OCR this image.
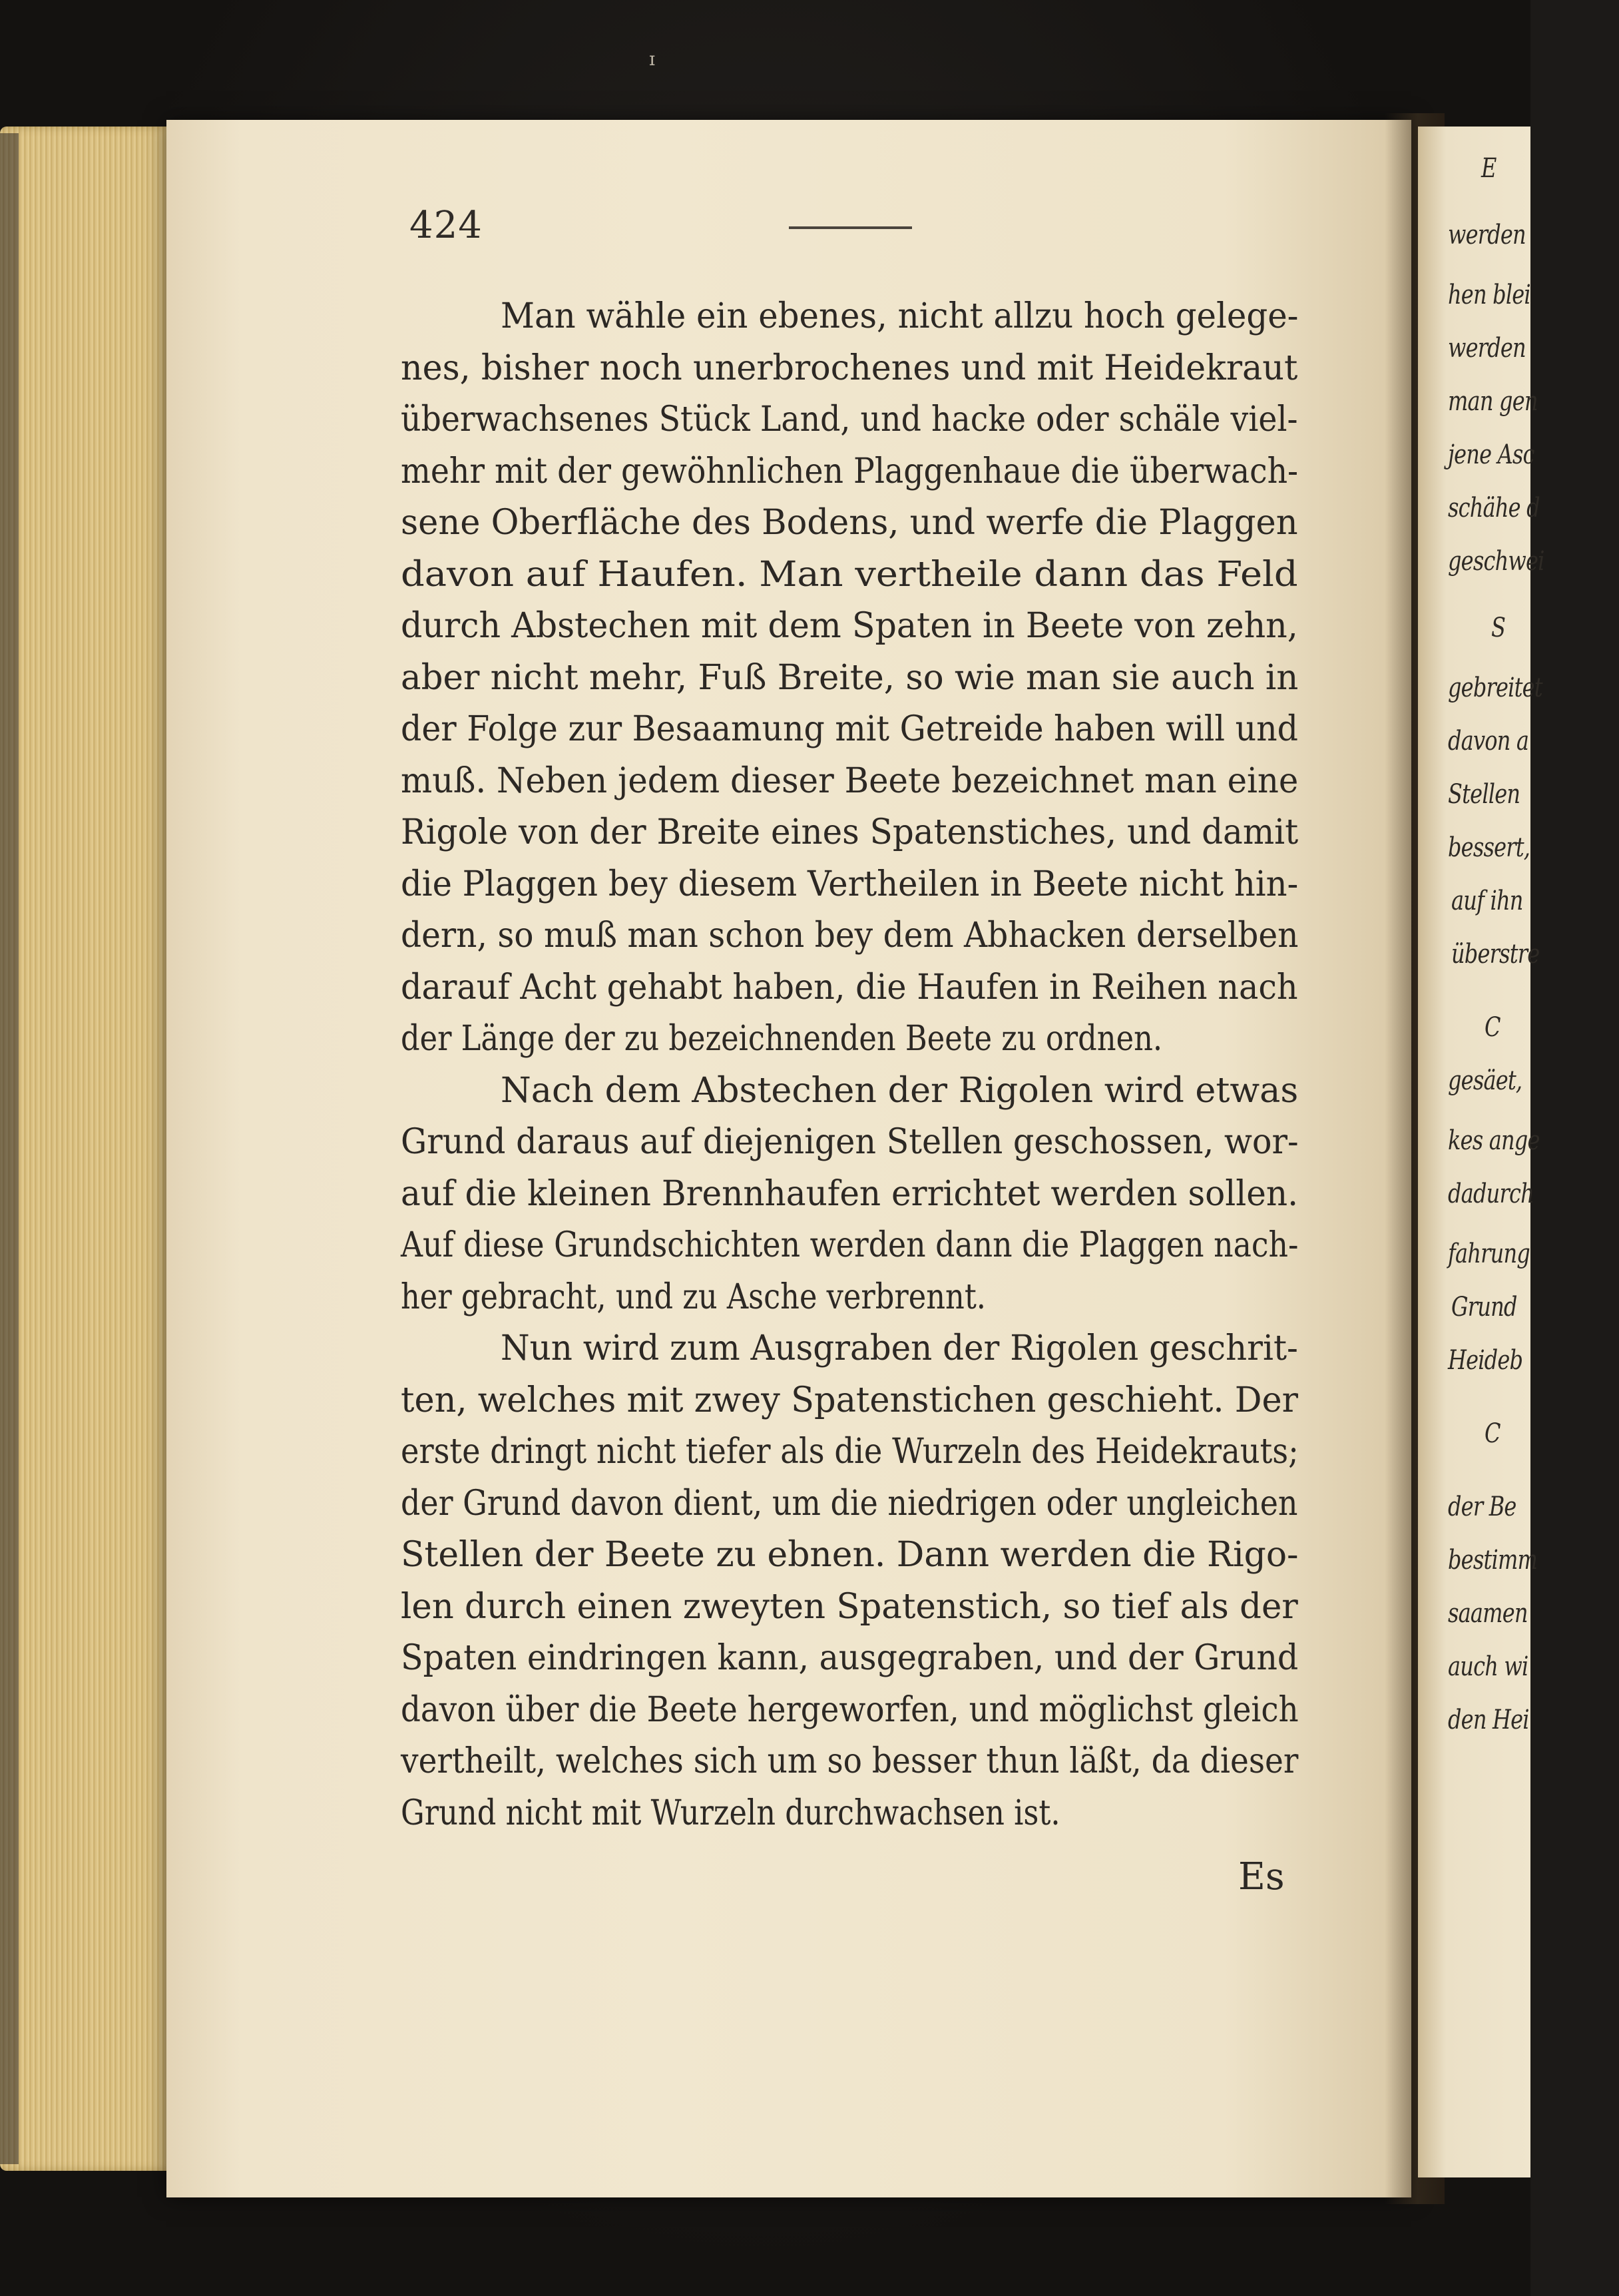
ɪ
E
werden
hen blei
werden
man gen
jene Asc
schähe d
geschwei
S
gebreitet
davon a
Stellen
bessert,
auf ihn
überstre
C
gesäet,
kes ange
dadurch
fahrung
Grund
Heideb
C
der Be
bestimm
saamen
auch wi
den Hei
424
Man wähle ein ebenes, nicht allzu hoch gelege-
nes, bisher noch unerbrochenes und mit Heidekraut
überwachsenes Stück Land, und hacke oder schäle viel-
mehr mit der gewöhnlichen Plaggenhaue die überwach-
sene Oberfläche des Bodens, und werfe die Plaggen
davon auf Haufen. Man vertheile dann das Feld
durch Abstechen mit dem Spaten in Beete von zehn,
aber nicht mehr, Fuß Breite, so wie man sie auch in
der Folge zur Besaamung mit Getreide haben will und
muß. Neben jedem dieser Beete bezeichnet man eine
Rigole von der Breite eines Spatenstiches, und damit
die Plaggen bey diesem Vertheilen in Beete nicht hin-
dern, so muß man schon bey dem Abhacken derselben
darauf Acht gehabt haben, die Haufen in Reihen nach
der Länge der zu bezeichnenden Beete zu ordnen.
Nach dem Abstechen der Rigolen wird etwas
Grund daraus auf diejenigen Stellen geschossen, wor-
auf die kleinen Brennhaufen errichtet werden sollen.
Auf diese Grundschichten werden dann die Plaggen nach-
her gebracht, und zu Asche verbrennt.
Nun wird zum Ausgraben der Rigolen geschrit-
ten, welches mit zwey Spatenstichen geschieht. Der
erste dringt nicht tiefer als die Wurzeln des Heidekrauts;
der Grund davon dient, um die niedrigen oder ungleichen
Stellen der Beete zu ebnen. Dann werden die Rigo-
len durch einen zweyten Spatenstich, so tief als der
Spaten eindringen kann, ausgegraben, und der Grund
davon über die Beete hergeworfen, und möglichst gleich
vertheilt, welches sich um so besser thun läßt, da dieser
Grund nicht mit Wurzeln durchwachsen ist.
Es
